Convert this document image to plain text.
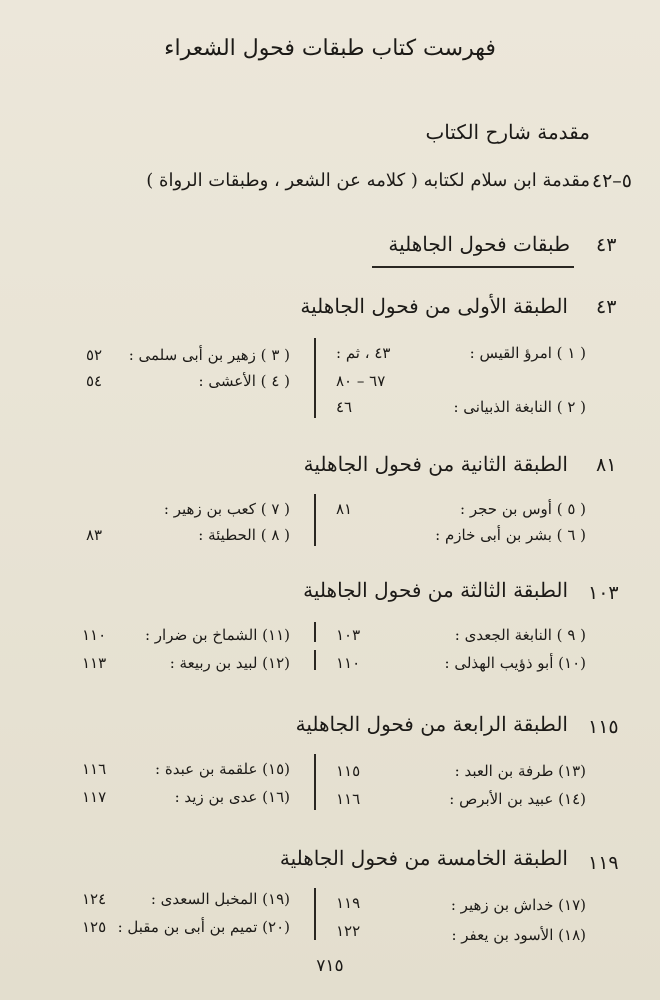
فهرست كتاب طبقات فحول الشعراء
مقدمة شارح الكتاب
مقدمة ابن سلام لكتابه ( كلامه عن الشعر ، وطبقات الرواة ) ٥–٤٢
طبقات فحول الجاهلية ٤٣
الطبقة الأولى من فحول الجاهلية ٤٣
( ١ ) امرؤ القيس :
٤٣ ، ثم :
٦٧ – ٨٠
( ٢ ) النابغة الذبيانى :
٤٦
( ٣ ) زهير بن أبى سلمى :
٥٢
( ٤ ) الأعشى :
٥٤
الطبقة الثانية من فحول الجاهلية ٨١
( ٥ ) أوس بن حجر :
٨١
( ٦ ) بشر بن أبى خازم :
( ٧ ) كعب بن زهير :
( ٨ ) الحطيئة :
٨٣
الطبقة الثالثة من فحول الجاهلية ١٠٣
( ٩ ) النابغة الجعدى :
١٠٣
(١٠) أبو ذؤيب الهذلى :
١١٠
(١١) الشماخ بن ضرار :
١١٠
(١٢) لبيد بن ربيعة :
١١٣
الطبقة الرابعة من فحول الجاهلية ١١٥
(١٣) طرفة بن العبد :
١١٥
(١٤) عبيد بن الأبرص :
١١٦
(١٥) علقمة بن عبدة :
١١٦
(١٦) عدى بن زيد :
١١٧
الطبقة الخامسة من فحول الجاهلية ١١٩
(١٧) خداش بن زهير :
١١٩
(١٨) الأسود بن يعفر :
١٢٢
(١٩) المخبل السعدى :
١٢٤
(٢٠) تميم بن أبى بن مقبل :
١٢٥
٧١٥
